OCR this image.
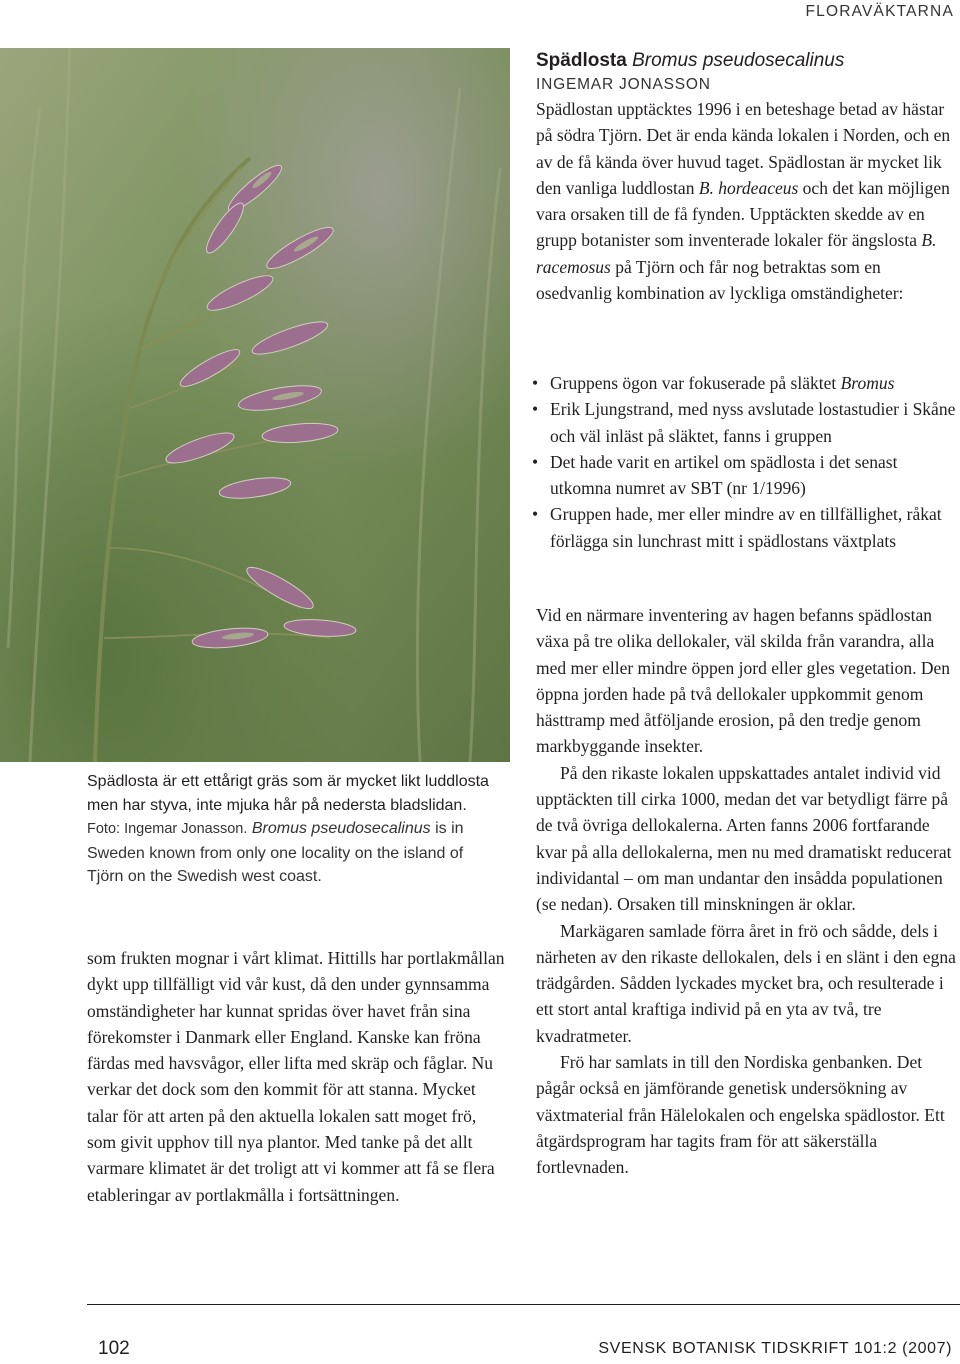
FLORAVÄKTARNA
Spädlosta är ett ettårigt gräs som är mycket likt luddlosta men har styva, inte mjuka hår på nedersta bladslidan. Foto: Ingemar Jonasson. Bromus pseudosecalinus is in Sweden known from only one locality on the island of Tjörn on the Swedish west coast.

som frukten mognar i vårt klimat. Hittills har portlakmållan dykt upp tillfälligt vid vår kust, då den under gynnsamma omständigheter har kunnat spridas över havet från sina förekomster i Danmark eller England. Kanske kan fröna färdas med havsvågor, eller lifta med skräp och fåglar. Nu verkar det dock som den kommit för att stanna. Mycket talar för att arten på den aktuella lokalen satt moget frö, som givit upphov till nya plantor. Med tanke på det allt varmare klimatet är det troligt att vi kommer att få se flera etableringar av portlakmålla i fortsättningen.

Spädlosta Bromus pseudosecalinus
INGEMAR JONASSON

Spädlostan upptäcktes 1996 i en beteshage betad av hästar på södra Tjörn. Det är enda kända lokalen i Norden, och en av de få kända över huvud taget. Spädlostan är mycket lik den vanliga luddlostan B. hordeaceus och det kan möjligen vara orsaken till de få fynden. Upptäckten skedde av en grupp botanister som inventerade lokaler för ängslosta B. racemosus på Tjörn och får nog betraktas som en osedvanlig kombination av lyckliga omständigheter:

• Gruppens ögon var fokuserade på släktet Bromus
• Erik Ljungstrand, med nyss avslutade lostastudier i Skåne och väl inläst på släktet, fanns i gruppen
• Det hade varit en artikel om spädlosta i det senast utkomna numret av SBT (nr 1/1996)
• Gruppen hade, mer eller mindre av en tillfällighet, råkat förlägga sin lunchrast mitt i spädlostans växtplats

Vid en närmare inventering av hagen befanns spädlostan växa på tre olika dellokaler, väl skilda från varandra, alla med mer eller mindre öppen jord eller gles vegetation. Den öppna jorden hade på två dellokaler uppkommit genom hästtramp med åtföljande erosion, på den tredje genom markbyggande insekter.

På den rikaste lokalen uppskattades antalet individ vid upptäckten till cirka 1000, medan det var betydligt färre på de två övriga dellokalerna. Arten fanns 2006 fortfarande kvar på alla dellokalerna, men nu med dramatiskt reducerat individantal – om man undantar den insådda populationen (se nedan). Orsaken till minskningen är oklar.

Markägaren samlade förra året in frö och sådde, dels i närheten av den rikaste dellokalen, dels i en slänt i den egna trädgården. Sådden lyckades mycket bra, och resulterade i ett stort antal kraftiga individ på en yta av två, tre kvadratmeter.

Frö har samlats in till den Nordiska genbanken. Det pågår också en jämförande genetisk undersökning av växtmaterial från Hälelokalen och engelska spädlostor. Ett åtgärdsprogram har tagits fram för att säkerställa fortlevnaden.

102	SVENSK BOTANISK TIDSKRIFT 101:2 (2007)
